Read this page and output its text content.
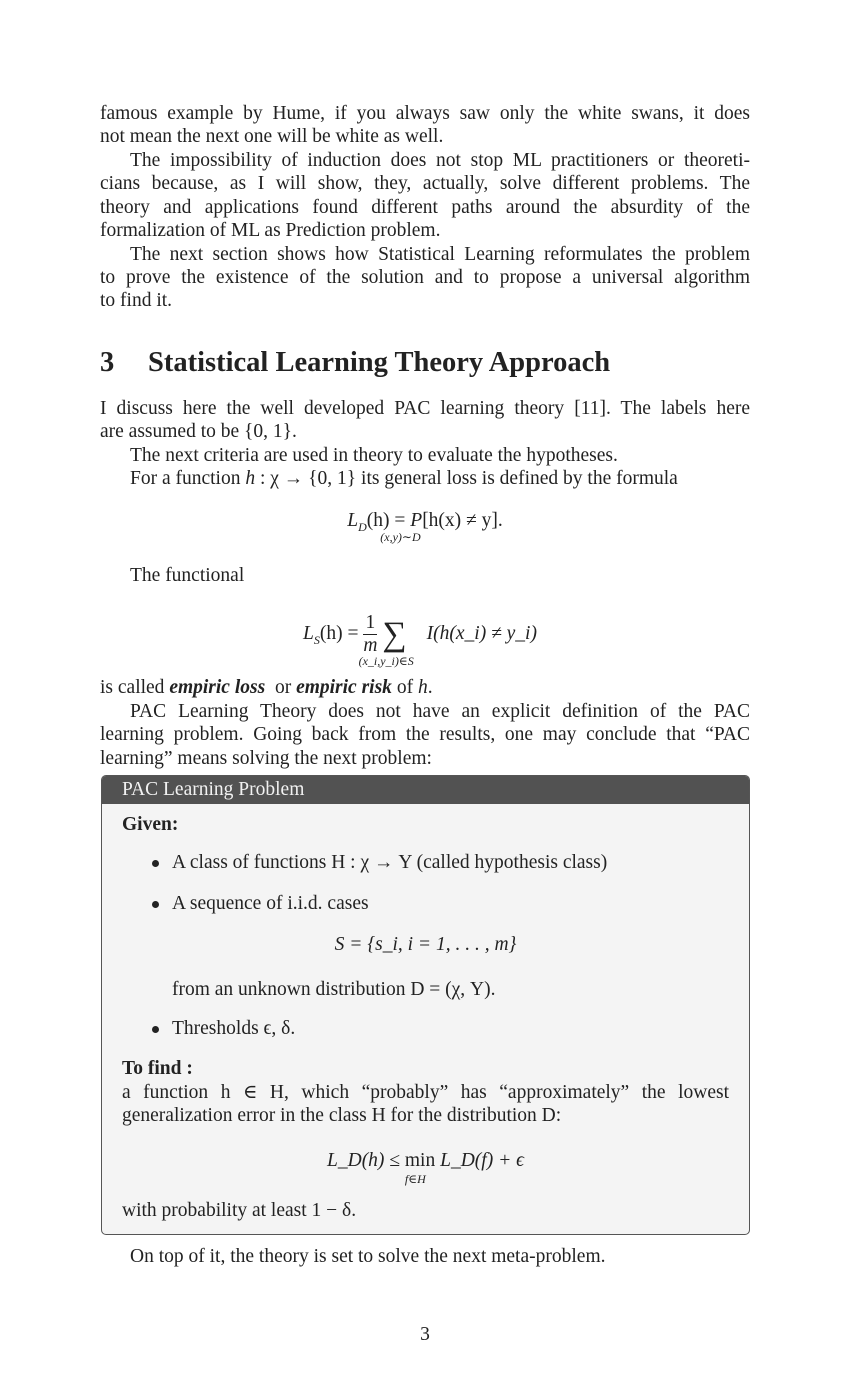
famous example by Hume, if you always saw only the white swans, it does
not mean the next one will be white as well.
The impossibility of induction does not stop ML practitioners or theoreti-
cians because, as I will show, they, actually, solve different problems. The
theory and applications found different paths around the absurdity of the
formalization of ML as Prediction problem.
The next section shows how Statistical Learning reformulates the problem
to prove the existence of the solution and to propose a universal algorithm
to find it.
3 Statistical Learning Theory Approach
I discuss here the well developed PAC learning theory [11]. The labels here
are assumed to be {0, 1}.
The next criteria are used in theory to evaluate the hypotheses.
For a function h : χ → {0, 1} its general loss is defined by the formula
$L_D(h) = P$
(x,y)∼D
[h(x) ≠ y].
The functional
$L_S(h) = \frac{1}{m} \sum_{(x\_i,y\_i)\in S}$ I(h(x_i) ≠ y_i)
is called empiric loss  or empiric risk of h.
PAC Learning Theory does not have an explicit definition of the PAC
learning problem. Going back from the results, one may conclude that “PAC
learning” means solving the next problem:
PAC Learning Problem
Given:
A class of functions H : χ → Y (called hypothesis class)
A sequence of i.i.d. cases
S = {s_i, i = 1, . . . , m}
from an unknown distribution D = (χ, Y).
Thresholds ϵ, δ.
To find :
a function h ∈ H, which “probably” has “approximately” the lowest
generalization error in the class H for the distribution D:
L_D(h) ≤ min
f∈H
L_D(f) + ϵ
with probability at least 1 − δ.
On top of it, the theory is set to solve the next meta-problem.
3
